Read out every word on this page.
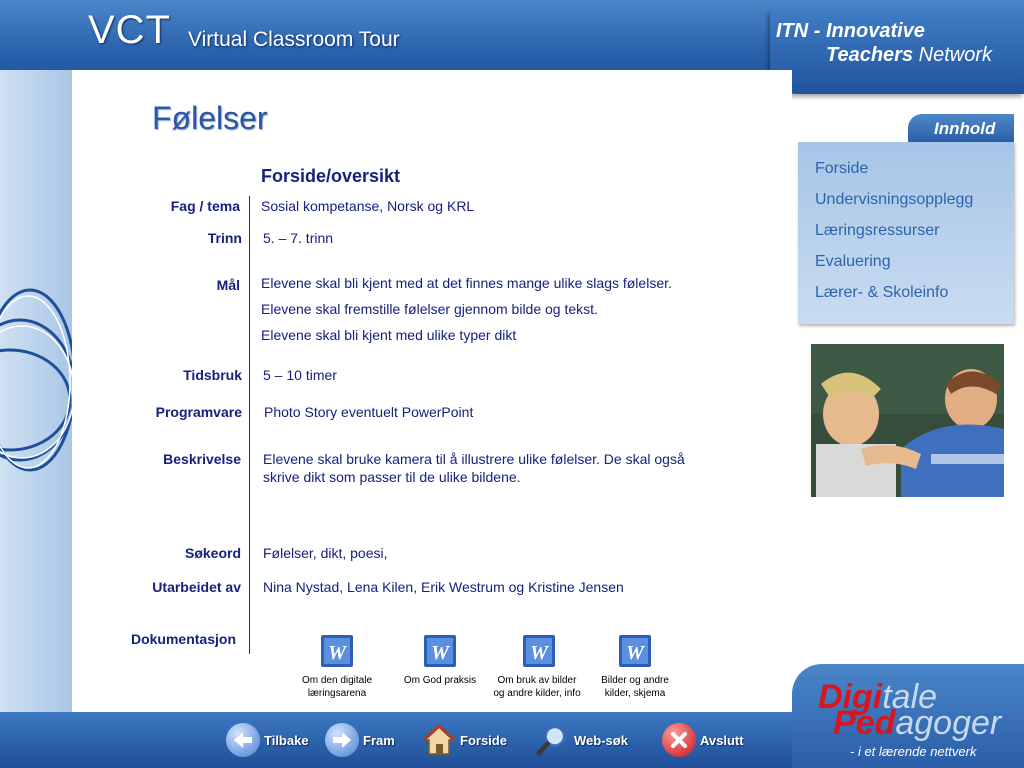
VCT Virtual Classroom Tour	ITN - Innovative
Teachers Network
Følelser
Forside/oversikt
Fag / tema Sosial kompetanse, Norsk og KRL
Trinn 5. – 7. trinn
Mål Elevene skal bli kjent med at det finnes mange ulike slags følelser.
Elevene skal fremstille følelser gjennom bilde og tekst.
Elevene skal bli kjent med ulike typer dikt
Tidsbruk 5 – 10 timer
Programvare Photo Story eventuelt PowerPoint
Beskrivelse Elevene skal bruke kamera til å illustrere ulike følelser. De skal også
skrive dikt som passer til de ulike bildene.
Søkeord Følelser, dikt, poesi,
Utarbeidet av Nina Nystad, Lena Kilen, Erik Westrum og Kristine Jensen
Dokumentasjon
W
Om den digitale
læringsarena
W
Om God praksis
W
Om bruk av bilder
og andre kilder, info
W
Bilder og andre
kilder, skjema
Innhold
Forside
Undervisningsopplegg
Læringsressurser
Evaluering
Lærer- & Skoleinfo
Tilbake	Fram	Forside	Web-søk	Avslutt
Digitale
Pedagoger
- i et lærende nettverk
